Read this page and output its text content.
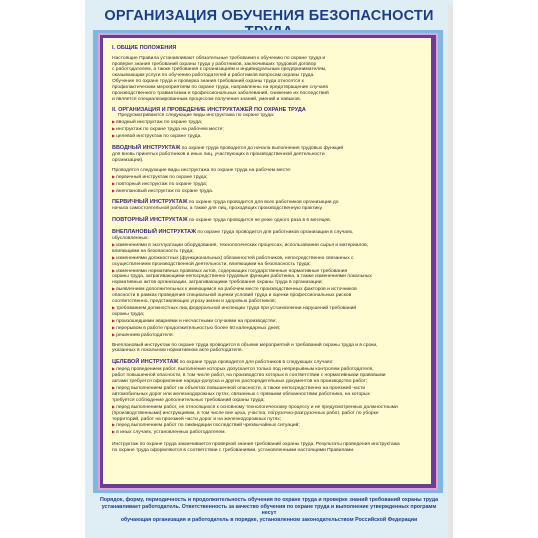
ОРГАНИЗАЦИЯ ОБУЧЕНИЯ БЕЗОПАСНОСТИ

I. ОБЩИЕ ПОЛОЖЕНИЯ

Настоящие Правила устанавливают обязательные требования к обучению по охране труда и

проверке знания требований охраны труда у работников, заключивших трудовой договор

с работодателем, а также требования к организациям и индивидуальным предпринимателям,

оказывающим услуги по обучению работодателей и работников вопросам охраны труда.

Обучение по охране труда и проверка знания требований охраны труда относятся к

профилактическим мероприятиям по охране труда, направленны на предотвращение случаев

производственного травматизма и профессиональных заболеваний, снижение их последствий

и является специализированным процессом получения знаний, умений и навыков.

II. ОРГАНИЗАЦИЯ И ПРОВЕДЕНИЕ ИНСТРУКТАЖЕЙ ПО ОХРАНЕ ТРУДА

Предусматриваются следующие виды инструктажа по охране труда:

▶ вводный инструктаж по охране труда;

▶ инструктаж по охране труда на рабочем месте;

▶ целевой инструктаж по охране труда.

ВВОДНЫЙ ИНСТРУКТАЖ по охране труда проводится до начала выполнения трудовых функций

для вновь принятых работников и иных лиц, участвующих в производственной деятельности

организации).

Проводятся следующие виды инструктажа по охране труда на рабочем месте:

▶ первичный инструктаж по охране труда;

▶ повторный инструктаж по охране труда;

▶ внеплановый инструктаж по охране труда.

ПЕРВИЧНЫЙ ИНСТРУКТАЖ по охране труда проводится для всех работников организации до

начала самостоятельной работы, а также для лиц, проходящих производственную практику.

ПОВТОРНЫЙ ИНСТРУКТАЖ по охране труда проводится не реже одного раза в 6 месяцев.

ВНЕПЛАНОВЫЙ ИНСТРУКТАЖ по охране труда проводится для работников организации в случаях,

обусловленных:

▶ изменениями в эксплуатации оборудования, технологических процессах, использовании сырья и материалов,
влияющими на безопасность труда;

▶ изменениями должностных (функциональных) обязанностей работников, непосредственно связанных с
осуществлением производственной деятельности, влияющими на безопасность труда;

▶ изменениями нормативных правовых актов, содержащих государственные нормативные требования
охраны труда, затрагивающими непосредственно трудовые функции работника, а также изменениями локальных
нормативных актов организации, затрагивающими требования охраны труда в организации;

▶ выявлением дополнительных к имеющимся на рабочем месте производственных факторов и источников
опасности в рамках проведения специальной оценки условий труда и оценки профессиональных рисков
соответственно, представляющих угрозу жизни и здоровью работников;

▶ требованием должностных лиц федеральной инспекции труда при установлении нарушений требований
охраны труда;

▶ произошедшими авариями и несчастными случаями на производстве;

▶ перерывом в работе продолжительностью более 60 календарных дней;

▶ решением работодателя.

Внеплановый инструктаж по охране труда проводится в объеме мероприятий и требований охраны труда и в сроки,

указанных в локальном нормативном акте работодателя.

ЦЕЛЕВОЙ ИНСТРУКТАЖ по охране труда проводится для работников в следующих случаях:

▶ перед проведением работ, выполнение которых допускается только под непрерывным контролем работодателя,
работ повышенной опасности, в том числе работ, на производство которых в соответствии с нормативными правовыми
актами требуется оформление наряда-допуска и других распорядительных документов на производство работ;

▶ перед выполнением работ на объектах повышенной опасности, а также непосредственно на проезжей части
автомобильных дорог или железнодорожных путях, связанных с прямыми обязанностями работника, на которых
требуется соблюдение дополнительных требований охраны труда;

▶ перед выполнением работ, не относящихся к основному технологическому процессу и не предусмотренных должностными
(производственными) инструкциями, в том числе вне цеха, участка, погрузочно-разгрузочных работ, работ по уборке
территорий, работ на проезжей части дорог и на железнодорожных путях;

▶ перед выполнением работ по ликвидации последствий чрезвычайных ситуаций;

▶ в иных случаях, установленных работодателем.

Инструктаж по охране труда заканчивается проверкой знания требований охраны труда. Результаты проведения инструктажа

по охране труда оформляются в соответствии с требованиями, установленными настоящими Правилами.

Порядок, форму, периодичность и продолжительность обучения по охране труда и проверке знаний требований охраны труда
устанавливает работодатель. Ответственность за качество обучения по охране труда и выполнение утвержденных программ несут
обучающая организация и работодатель в порядке, установленном законодательством Российской Федерации
